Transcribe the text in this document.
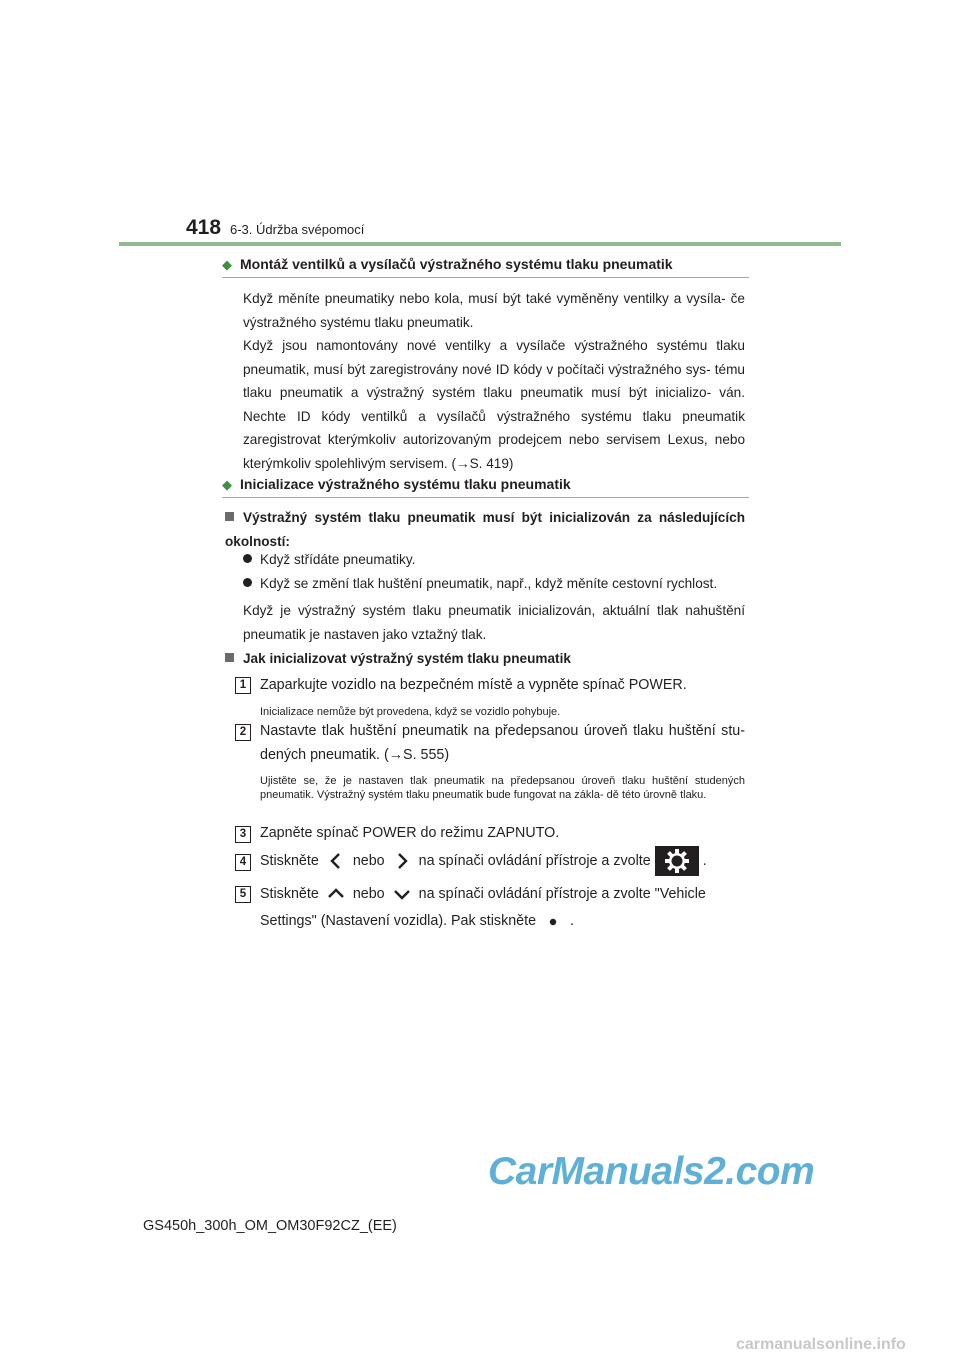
418 6-3. Údržba svépomocí
◆ Montáž ventilků a vysílačů výstražného systému tlaku pneumatik
Když měníte pneumatiky nebo kola, musí být také vyměněny ventilky a vysíla- če výstražného systému tlaku pneumatik.
Když jsou namontovány nové ventilky a vysílače výstražného systému tlaku pneumatik, musí být zaregistrovány nové ID kódy v počítači výstražného sys- tému tlaku pneumatik a výstražný systém tlaku pneumatik musí být inicializo- ván. Nechte ID kódy ventilků a vysílačů výstražného systému tlaku pneumatik zaregistrovat kterýmkoliv autorizovaným prodejcem nebo servisem Lexus, nebo kterýmkoliv spolehlivým servisem. (→S. 419)
◆ Inicializace výstražného systému tlaku pneumatik
Výstražný systém tlaku pneumatik musí být inicializován za následujících okolností:
Když střídáte pneumatiky.
Když se změní tlak huštění pneumatik, např., když měníte cestovní rychlost.
Když je výstražný systém tlaku pneumatik inicializován, aktuální tlak nahuštění pneumatik je nastaven jako vztažný tlak.
Jak inicializovat výstražný systém tlaku pneumatik
1 Zaparkujte vozidlo na bezpečném místě a vypněte spínač POWER.
Inicializace nemůže být provedena, když se vozidlo pohybuje.
2 Nastavte tlak huštění pneumatik na předepsanou úroveň tlaku huštění stu- dených pneumatik. (→S. 555)
Ujistěte se, že je nastaven tlak pneumatik na předepsanou úroveň tlaku huštění studených pneumatik. Výstražný systém tlaku pneumatik bude fungovat na zákla- dě této úrovně tlaku.
3 Zapněte spínač POWER do režimu ZAPNUTO.
4 Stiskněte nebo na spínači ovládání přístroje a zvolte	.
5 Stiskněte nebo na spínači ovládání přístroje a zvolte "Vehicle
Settings" (Nastavení vozidla). Pak stiskněte .
CarManuals2.com
GS450h_300h_OM_OM30F92CZ_(EE)
carmanualsonline.info
